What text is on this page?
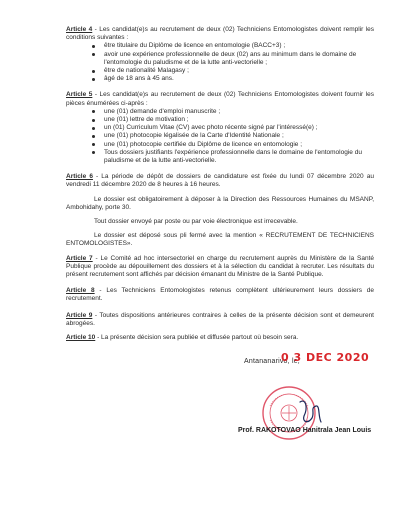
Article 4 - Les candidat(e)s au recrutement de deux (02) Techniciens Entomologistes doivent remplir les conditions suivantes :

être titulaire du Diplôme de licence en entomologie (BACC+3) ;
avoir une expérience professionnelle de deux (02) ans au minimum dans le domaine de l'entomologie du paludisme et de la lutte anti-vectorielle ;
être de nationalité Malagasy ;
âgé de 18 ans à 45 ans.

Article 5 - Les candidat(e)s au recrutement de deux (02) Techniciens Entomologistes doivent fournir les pièces énumérées ci-après :

une (01) demande d'emploi manuscrite ;
une (01) lettre de motivation ;
un (01) Curriculum Vitae (CV) avec photo récente signé par l'intéressé(e) ;
une (01) photocopie légalisée de la Carte d'Identité Nationale ;
une (01) photocopie certifiée du Diplôme de licence en entomologie ;
Tous dossiers justifiants l'expérience professionnelle dans le domaine de l'entomologie du paludisme et de la lutte anti-vectorielle.

Article 6 - La période de dépôt de dossiers de candidature est fixée du lundi 07 décembre 2020 au vendredi 11 décembre 2020 de 8 heures à 16 heures.

Le dossier est obligatoirement à déposer à la Direction des Ressources Humaines du MSANP, Ambohidahy, porte 30.

Tout dossier envoyé par poste ou par voie électronique est irrecevable.

Le dossier est déposé sous pli fermé avec la mention « RECRUTEMENT DE TECHNICIENS ENTOMOLOGISTES».

Article 7 - Le Comité ad hoc intersectoriel en charge du recrutement auprès du Ministère de la Santé Publique procède au dépouillement des dossiers et à la sélection du candidat à recruter. Les résultats du présent recrutement sont affichés par décision émanant du Ministre de la Santé Publique.

Article 8 - Les Techniciens Entomologistes retenus complètent ultérieurement leurs dossiers de recrutement.

Article 9 - Toutes dispositions antérieures contraires à celles de la présente décision sont et demeurent abrogées.

Article 10 - La présente décision sera publiée et diffusée partout où besoin sera.

Antananarivo, le,
0 3 DEC 2020
Prof. RAKOTOVAO Hanitrala Jean Louis
